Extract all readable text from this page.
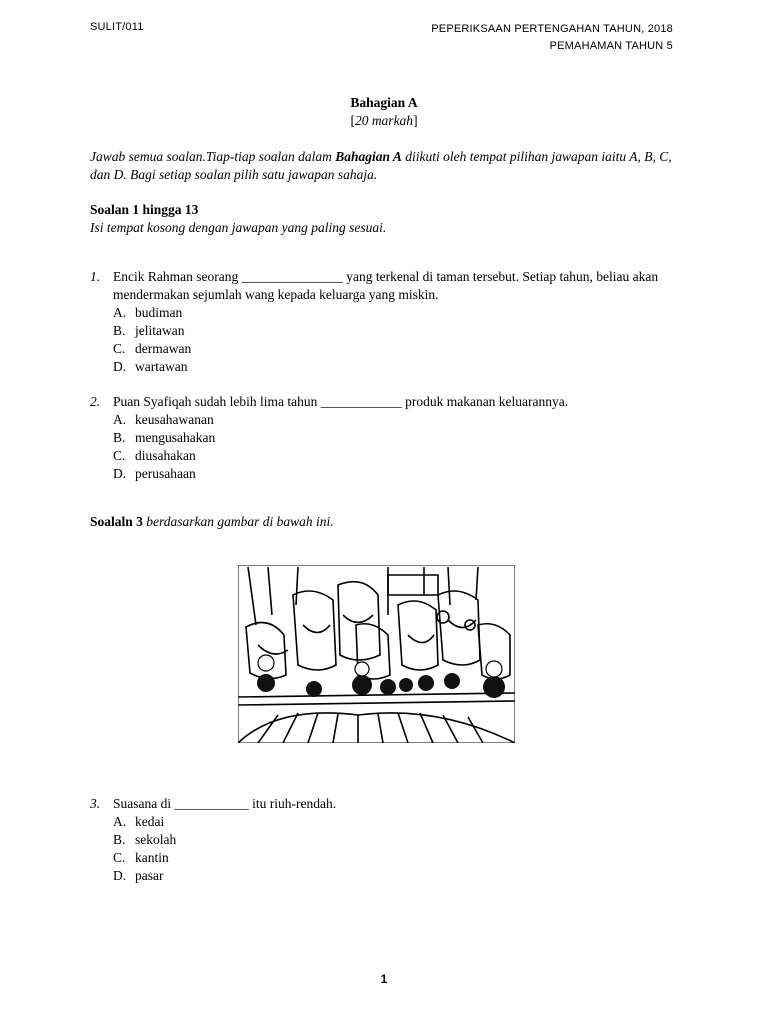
SULIT/011	PEPERIKSAAN PERTENGAHAN TAHUN, 2018
PEMAHAMAN TAHUN 5
Bahagian A
[20 markah]
Jawab semua soalan.Tiap-tiap soalan dalam Bahagian A diikuti oleh tempat pilihan jawapan iaitu A, B, C, dan D. Bagi setiap soalan pilih satu jawapan sahaja.
Soalan 1 hingga 13
Isi tempat kosong dengan jawapan yang paling sesuai.
1. Encik Rahman seorang _______________ yang terkenal di taman tersebut. Setiap tahun, beliau akan mendermakan sejumlah wang kepada keluarga yang miskin.
A. budiman
B. jelitawan
C. dermawan
D. wartawan
2. Puan Syafiqah sudah lebih lima tahun ____________ produk makanan keluarannya.
A. keusahawanan
B. mengusahakan
C. diusahakan
D. perusahaan
Soalaln 3 berdasarkan gambar di bawah ini.
3. Suasana di ___________ itu riuh-rendah.
A. kedai
B. sekolah
C. kantin
D. pasar
1
